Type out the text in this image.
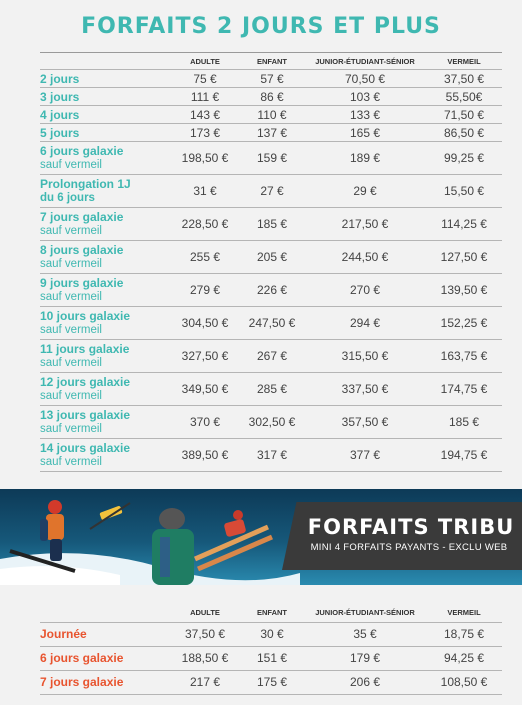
FORFAITS 2 JOURS ET PLUS
	ADULTE	ENFANT	JUNIOR-ÉTUDIANT-SÉNIOR	VERMEIL
2 jours	75 €	57 €	70,50 €	37,50 €
3 jours	111 €	86 €	103 €	55,50€
4 jours	143 €	110 €	133 €	71,50 €
5 jours	173 €	137 €	165 €	86,50 €
6 jours galaxie
sauf vermeil	198,50 €	159 €	189 €	99,25 €
Prolongation 1J
du 6 jours	31 €	27 €	29 €	15,50 €
7 jours galaxie
sauf vermeil	228,50 €	185 €	217,50 €	114,25 €
8 jours galaxie
sauf vermeil	255 €	205 €	244,50 €	127,50 €
9 jours galaxie
sauf vermeil	279 €	226 €	270 €	139,50 €
10 jours galaxie
sauf vermeil	304,50 €	247,50 €	294 €	152,25 €
11 jours galaxie
sauf vermeil	327,50 €	267 €	315,50 €	163,75 €
12 jours galaxie
sauf vermeil	349,50 €	285 €	337,50 €	174,75 €
13 jours galaxie
sauf vermeil	370 €	302,50 €	357,50 €	185 €
14 jours galaxie
sauf vermeil	389,50 €	317 €	377 €	194,75 €
FORFAITS TRIBU
MINI 4 FORFAITS PAYANTS - EXCLU WEB
	ADULTE	ENFANT	JUNIOR-ÉTUDIANT-SÉNIOR	VERMEIL
Journée	37,50 €	30 €	35 €	18,75 €
6 jours galaxie	188,50 €	151 €	179 €	94,25 €
7 jours galaxie	217 €	175 €	206 €	108,50 €
